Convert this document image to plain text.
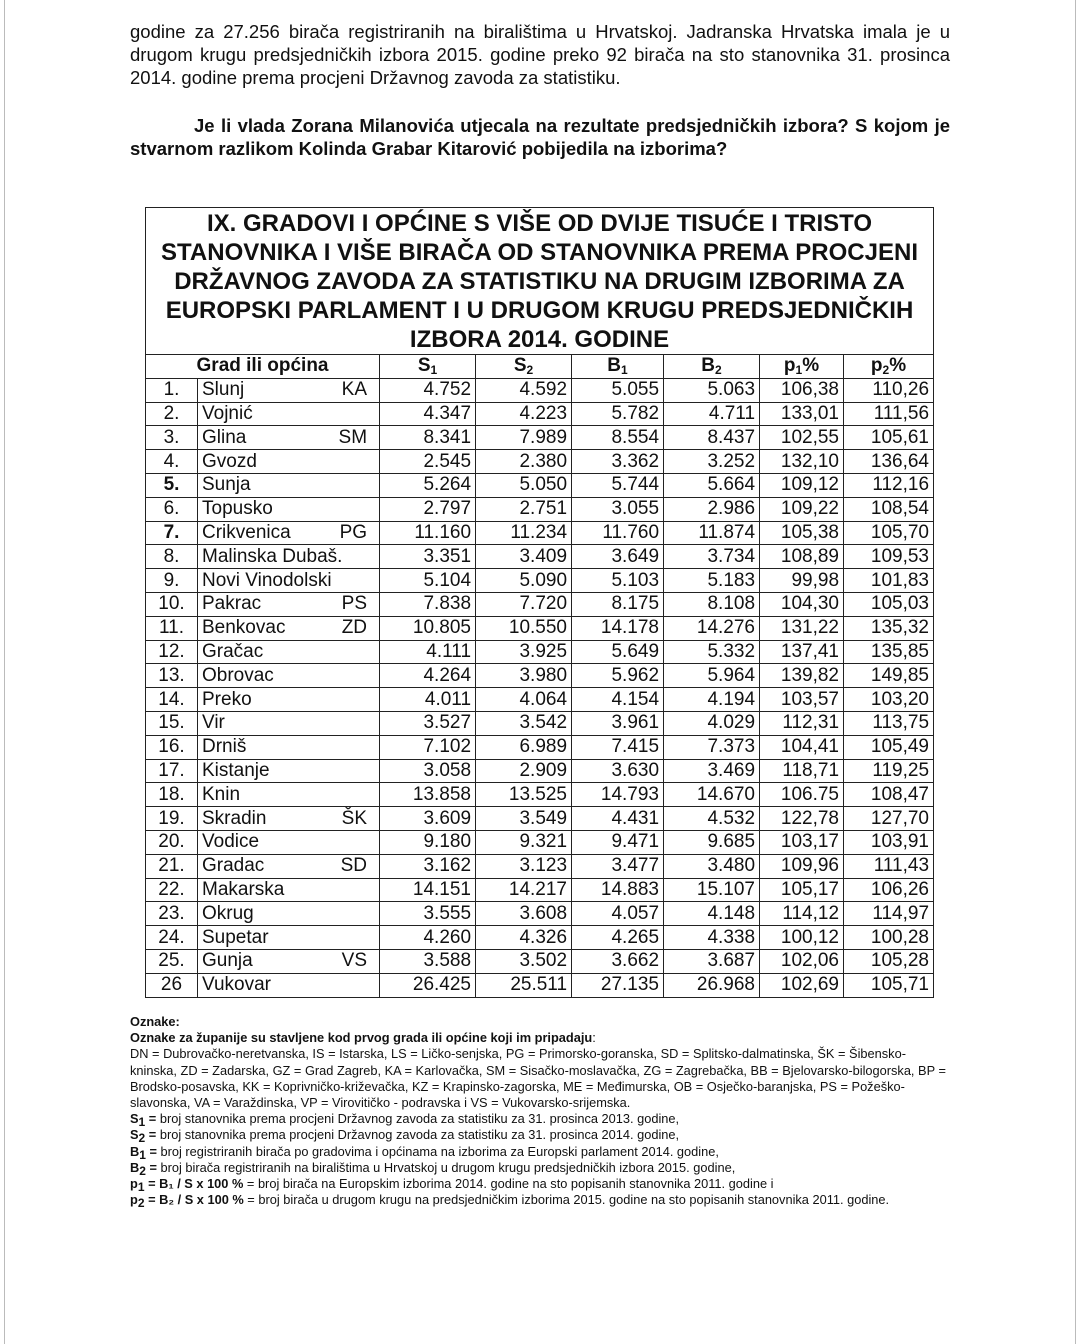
godine za 27.256 birača registriranih na biralištima u Hrvatskoj. Jadranska Hrvatska imala je u drugom krugu predsjedničkih izbora 2015. godine preko 92 birača na sto stanovnika 31. prosinca 2014. godine prema procjeni Državnog zavoda za statistiku.
Je li vlada Zorana Milanovića utjecala na rezultate predsjedničkih izbora? S kojom je stvarnom razlikom Kolinda Grabar Kitarović pobijedila na izborima?
IX. GRADOVI I OPĆINE S VIŠE OD DVIJE TISUĆE I TRISTO STANOVNIKA I VIŠE BIRAČA OD STANOVNIKA PREMA PROCJENI DRŽAVNOG ZAVODA ZA STATISTIKU NA DRUGIM IZBORIMA ZA EUROPSKI PARLAMENT I U DRUGOM KRUGU PREDSJEDNIČKIH IZBORA 2014. GODINE
Grad ili općina		$S_1$	$S_2$	$B_1$	$B_2$	$p_1\%$	$p_2\%$
1.	Slunj KA	4.752	4.592	5.055	5.063	106,38	110,26
2.	Vojnić	4.347	4.223	5.782	4.711	133,01	111,56
3.	Glina SM	8.341	7.989	8.554	8.437	102,55	105,61
4.	Gvozd	2.545	2.380	3.362	3.252	132,10	136,64
5.	Sunja	5.264	5.050	5.744	5.664	109,12	112,16
6.	Topusko	2.797	2.751	3.055	2.986	109,22	108,54
7.	Crikvenica PG	11.160	11.234	11.760	11.874	105,38	105,70
8.	Malinska Dubaš.	3.351	3.409	3.649	3.734	108,89	109,53
9.	Novi Vinodolski	5.104	5.090	5.103	5.183	99,98	101,83
10.	Pakrac PS	7.838	7.720	8.175	8.108	104,30	105,03
11.	Benkovac ZD	10.805	10.550	14.178	14.276	131,22	135,32
12.	Gračac	4.111	3.925	5.649	5.332	137,41	135,85
13.	Obrovac	4.264	3.980	5.962	5.964	139,82	149,85
14.	Preko	4.011	4.064	4.154	4.194	103,57	103,20
15.	Vir	3.527	3.542	3.961	4.029	112,31	113,75
16.	Drniš	7.102	6.989	7.415	7.373	104,41	105,49
17.	Kistanje	3.058	2.909	3.630	3.469	118,71	119,25
18.	Knin	13.858	13.525	14.793	14.670	106.75	108,47
19.	Skradin ŠK	3.609	3.549	4.431	4.532	122,78	127,70
20.	Vodice	9.180	9.321	9.471	9.685	103,17	103,91
21.	Gradac SD	3.162	3.123	3.477	3.480	109,96	111,43
22.	Makarska	14.151	14.217	14.883	15.107	105,17	106,26
23.	Okrug	3.555	3.608	4.057	4.148	114,12	114,97
24.	Supetar	4.260	4.326	4.265	4.338	100,12	100,28
25.	Gunja VS	3.588	3.502	3.662	3.687	102,06	105,28
26	Vukovar	26.425	25.511	27.135	26.968	102,69	105,71

Oznake:

Oznake za županije su stavljene kod prvog grada ili općine koji im pripadaju:

DN = Dubrovačko-neretvanska, IS = Istarska, LS = Ličko-senjska, PG = Primorsko-goranska, SD = Splitsko-dalmatinska, ŠK = Šibensko-kninska, ZD = Zadarska, GZ = Grad Zagreb, KA = Karlovačka, SM = Sisačko-moslavačka, ZG = Zagrebačka, BB = Bjelovarsko-bilogorska, BP = Brodsko-posavska, KK = Koprivničko-križevačka, KZ = Krapinsko-zagorska, ME = Međimurska, OB = Osječko-baranjska, PS = Požeško-slavonska, VA = Varaždinska, VP = Virovitičko - podravska i VS = Vukovarsko-srijemska.

$S_1$ = broj stanovnika prema procjeni Državnog zavoda za statistiku za 31. prosinca 2013. godine,

$S_2$ = broj stanovnika prema procjeni Državnog zavoda za statistiku za 31. prosinca 2014. godine,

$B_1$ = broj registriranih birača po gradovima i općinama na izborima za Europski parlament 2014. godine,

$B_2$ = broj birača registriranih na biralištima u Hrvatskoj u drugom krugu predsjedničkih izbora 2015. godine,

$p_1 = B_1 / S$ x 100 % = broj birača na Europskim izborima 2014. godine na sto popisanih stanovnika 2011. godine i

$p_2 = B_2 / S$ x 100 % = broj birača u drugom krugu na predsjedničkim izborima 2015. godine na sto popisanih stanovnika 2011. godine.
